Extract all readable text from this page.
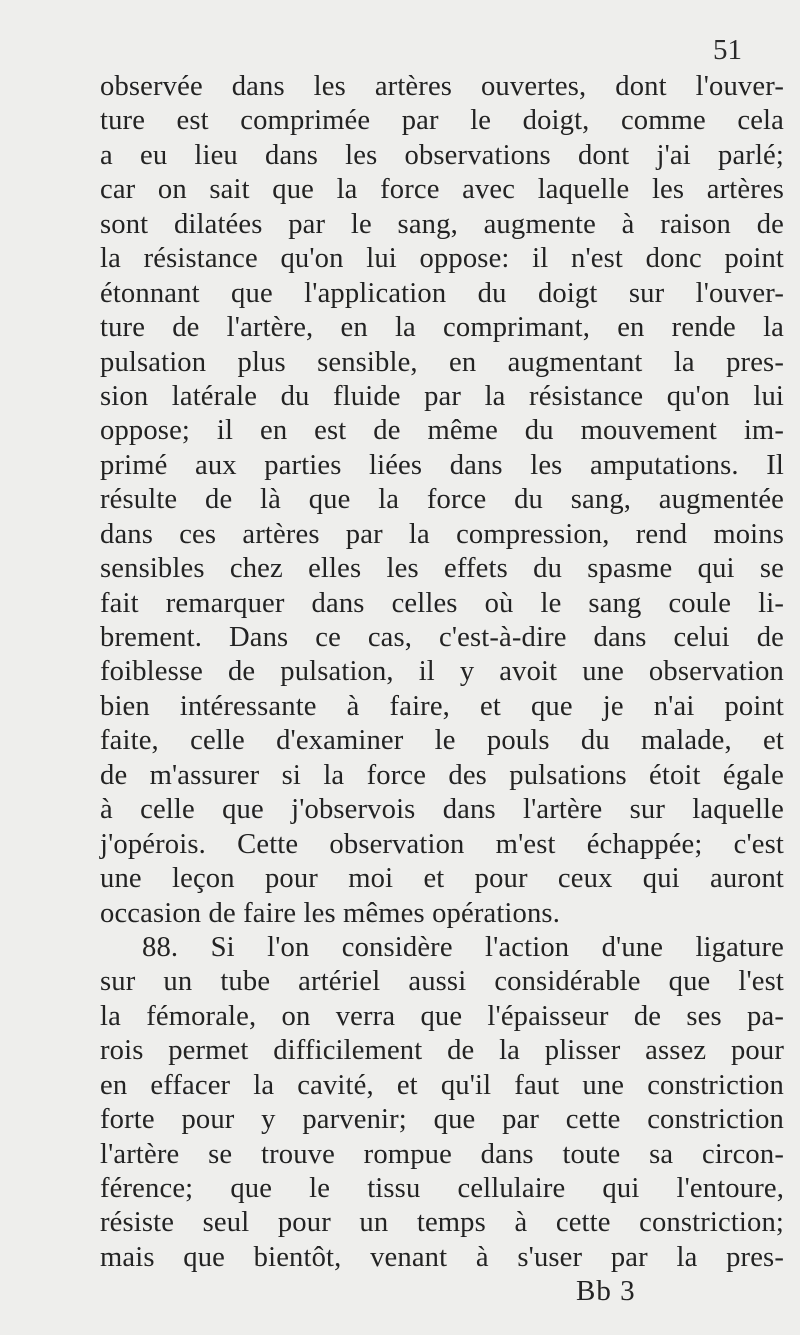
51
observée dans les artères ouvertes, dont l'ouver-
ture est comprimée par le doigt, comme cela
a eu lieu dans les observations dont j'ai parlé;
car on sait que la force avec laquelle les artères
sont dilatées par le sang, augmente à raison de
la résistance qu'on lui oppose: il n'est donc point
étonnant que l'application du doigt sur l'ouver-
ture de l'artère, en la comprimant, en rende la
pulsation plus sensible, en augmentant la pres-
sion latérale du fluide par la résistance qu'on lui
oppose; il en est de même du mouvement im-
primé aux parties liées dans les amputations. Il
résulte de là que la force du sang, augmentée
dans ces artères par la compression, rend moins
sensibles chez elles les effets du spasme qui se
fait remarquer dans celles où le sang coule li-
brement. Dans ce cas, c'est-à-dire dans celui de
foiblesse de pulsation, il y avoit une observation
bien intéressante à faire, et que je n'ai point
faite, celle d'examiner le pouls du malade, et
de m'assurer si la force des pulsations étoit égale
à celle que j'observois dans l'artère sur laquelle
j'opérois. Cette observation m'est échappée; c'est
une leçon pour moi et pour ceux qui auront
occasion de faire les mêmes opérations.
88. Si l'on considère l'action d'une ligature
sur un tube artériel aussi considérable que l'est
la fémorale, on verra que l'épaisseur de ses pa-
rois permet difficilement de la plisser assez pour
en effacer la cavité, et qu'il faut une constriction
forte pour y parvenir; que par cette constriction
l'artère se trouve rompue dans toute sa circon-
férence; que le tissu cellulaire qui l'entoure,
résiste seul pour un temps à cette constriction;
mais que bientôt, venant à s'user par la pres-
Bb 3
